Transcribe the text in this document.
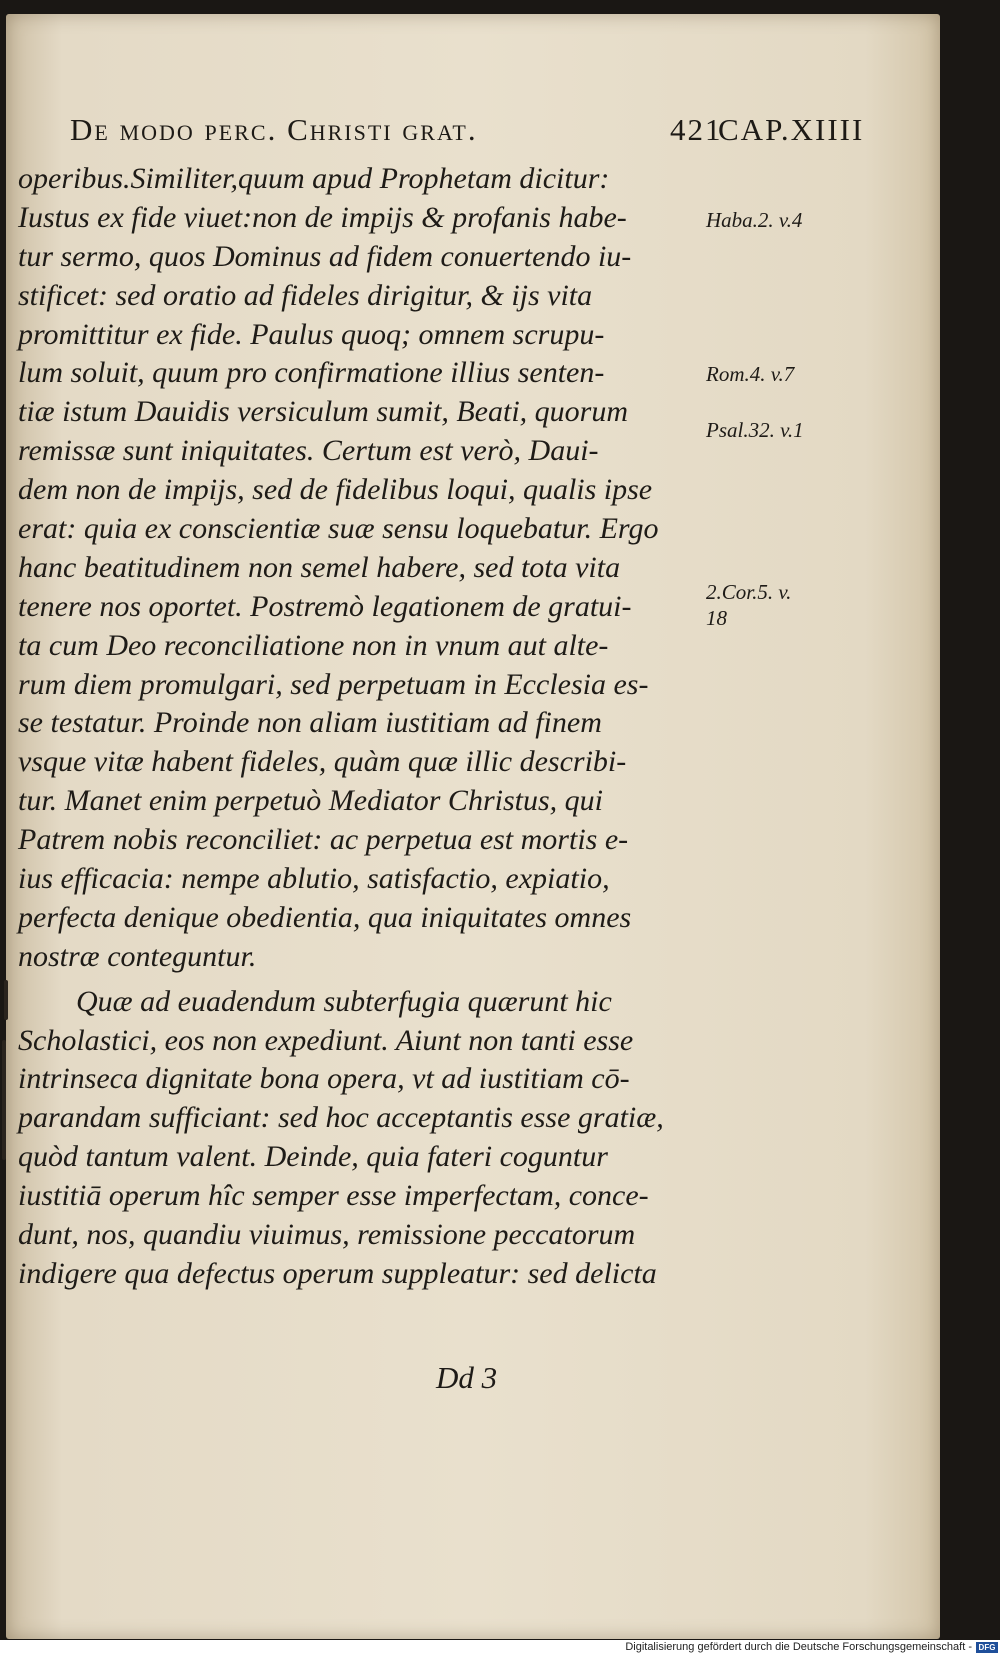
De modo perc. Christi grat.	421
CAP.XIIII
operibus.Similiter,quum apud Prophetam dicitur:
Iustus ex fide viuet:non de impijs & profanis habe-
tur sermo, quos Dominus ad fidem conuertendo iu-
stificet: sed oratio ad fideles dirigitur, & ijs vita
promittitur ex fide. Paulus quoq; omnem scrupu-
lum soluit, quum pro confirmatione illius senten-
tiæ istum Dauidis versiculum sumit, Beati, quorum
remissæ sunt iniquitates. Certum est verò, Daui-
dem non de impijs, sed de fidelibus loqui, qualis ipse
erat: quia ex conscientiæ suæ sensu loquebatur. Ergo
hanc beatitudinem non semel habere, sed tota vita
tenere nos oportet. Postremò legationem de gratui-
ta cum Deo reconciliatione non in vnum aut alte-
rum diem promulgari, sed perpetuam in Ecclesia es-
se testatur. Proinde non aliam iustitiam ad finem
vsque vitæ habent fideles, quàm quæ illic describi-
tur. Manet enim perpetuò Mediator Christus, qui
Patrem nobis reconciliet: ac perpetua est mortis e-
ius efficacia: nempe ablutio, satisfactio, expiatio,
perfecta denique obedientia, qua iniquitates omnes
nostræ conteguntur.
Quæ ad euadendum subterfugia quærunt hic
Scholastici, eos non expediunt. Aiunt non tanti esse
intrinseca dignitate bona opera, vt ad iustitiam cō-
parandam sufficiant: sed hoc acceptantis esse gratiæ,
quòd tantum valent. Deinde, quia fateri coguntur
iustitiā operum hîc semper esse imperfectam, conce-
dunt, nos, quandiu viuimus, remissione peccatorum
indigere qua defectus operum suppleatur: sed delicta
Haba.2. v.4
Rom.4. v.7
Psal.32. v.1
2.Cor.5. v.
18
Dd 3
Digitalisierung gefördert durch die Deutsche Forschungsgemeinschaft - DFG
